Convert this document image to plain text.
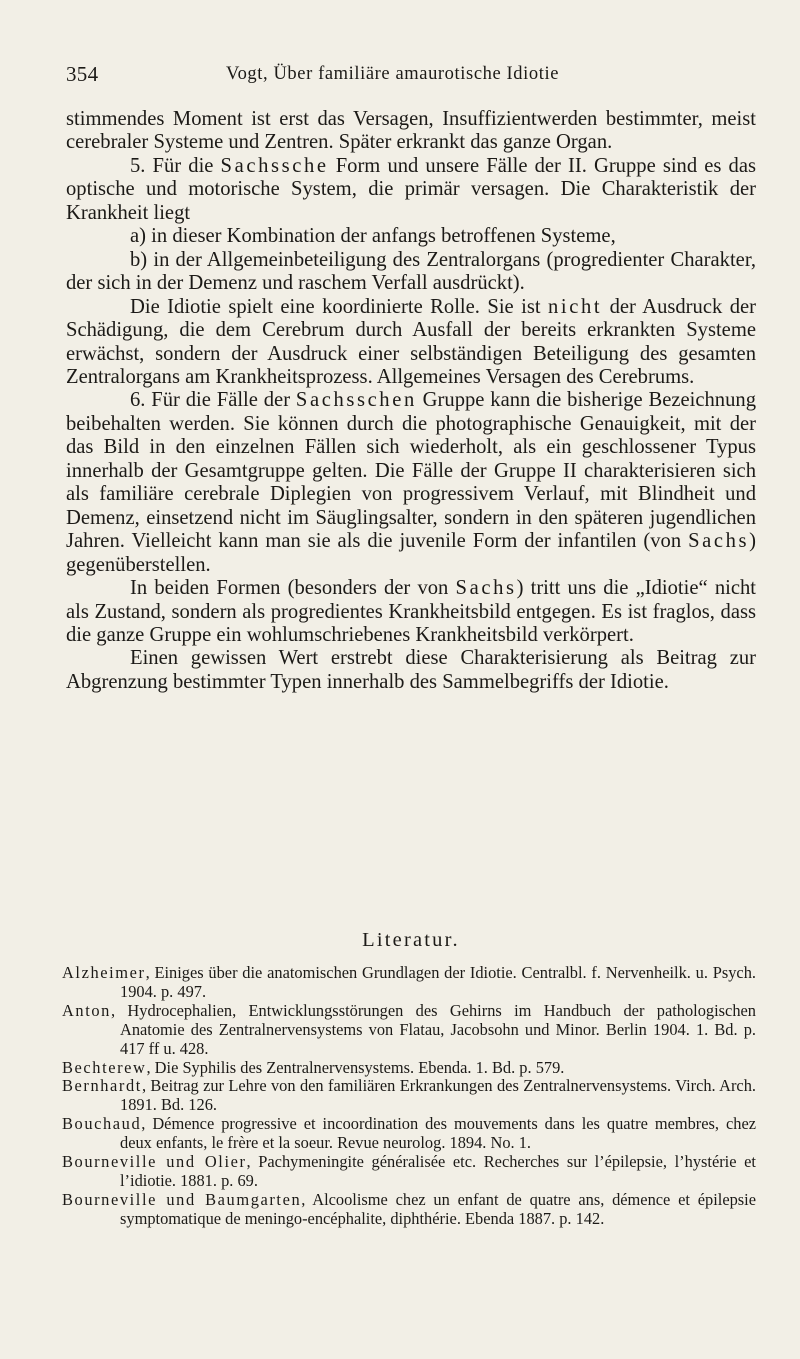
354	Vogt, Über familiäre amaurotische Idiotie

stimmendes Moment ist erst das Versagen, Insuffizientwerden bestimmter, meist cerebraler Systeme und Zentren. Später erkrankt das ganze Organ.

5. Für die Sachssche Form und unsere Fälle der II. Gruppe sind es das optische und motorische System, die primär versagen. Die Charakteristik der Krankheit liegt

a) in dieser Kombination der anfangs betroffenen Systeme,

b) in der Allgemeinbeteiligung des Zentralorgans (progredienter Charakter, der sich in der Demenz und raschem Verfall ausdrückt).

Die Idiotie spielt eine koordinierte Rolle. Sie ist nicht der Ausdruck der Schädigung, die dem Cerebrum durch Ausfall der bereits erkrankten Systeme erwächst, sondern der Ausdruck einer selbständigen Beteiligung des gesamten Zentralorgans am Krankheitsprozess. Allgemeines Versagen des Cerebrums.

6. Für die Fälle der Sachsschen Gruppe kann die bisherige Bezeichnung beibehalten werden. Sie können durch die photographische Genauigkeit, mit der das Bild in den einzelnen Fällen sich wiederholt, als ein geschlossener Typus innerhalb der Gesamtgruppe gelten. Die Fälle der Gruppe II charakterisieren sich als familiäre cerebrale Diplegien von progressivem Verlauf, mit Blindheit und Demenz, einsetzend nicht im Säuglingsalter, sondern in den späteren jugendlichen Jahren. Vielleicht kann man sie als die juvenile Form der infantilen (von Sachs) gegenüberstellen.

In beiden Formen (besonders der von Sachs) tritt uns die „Idiotie“ nicht als Zustand, sondern als progredientes Krankheitsbild entgegen. Es ist fraglos, dass die ganze Gruppe ein wohlumschriebenes Krankheitsbild verkörpert.

Einen gewissen Wert erstrebt diese Charakterisierung als Beitrag zur Abgrenzung bestimmter Typen innerhalb des Sammelbegriffs der Idiotie.

Literatur.

Alzheimer, Einiges über die anatomischen Grundlagen der Idiotie. Centralbl. f. Nervenheilk. u. Psych. 1904. p. 497.

Anton, Hydrocephalien, Entwicklungsstörungen des Gehirns im Handbuch der pathologischen Anatomie des Zentralnervensystems von Flatau, Jacobsohn und Minor. Berlin 1904. 1. Bd. p. 417 ff u. 428.

Bechterew, Die Syphilis des Zentralnervensystems. Ebenda. 1. Bd. p. 579.

Bernhardt, Beitrag zur Lehre von den familiären Erkrankungen des Zentralnervensystems. Virch. Arch. 1891. Bd. 126.

Bouchaud, Démence progressive et incoordination des mouvements dans les quatre membres, chez deux enfants, le frère et la soeur. Revue neurolog. 1894. No. 1.

Bourneville und Olier, Pachymeningite généralisée etc. Recherches sur l’épilepsie, l’hystérie et l’idiotie. 1881. p. 69.

Bourneville und Baumgarten, Alcoolisme chez un enfant de quatre ans, démence et épilepsie symptomatique de meningo-encéphalite, diphthérie. Ebenda 1887. p. 142.
